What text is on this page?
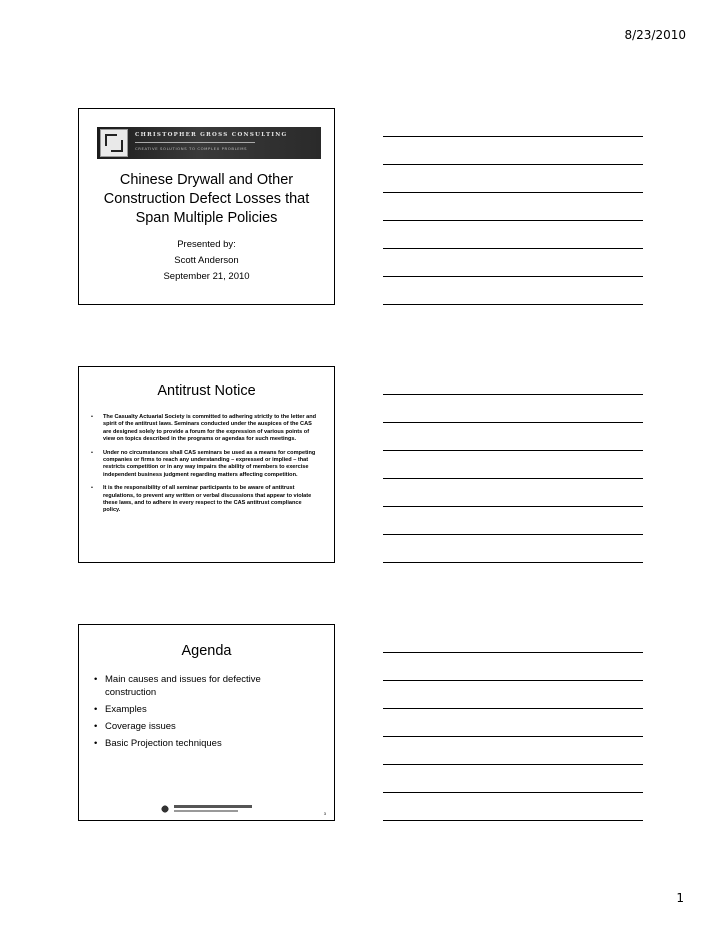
8/23/2010
CHRISTOPHER GROSS CONSULTING
CREATIVE SOLUTIONS TO COMPLEX PROBLEMS
Chinese Drywall and Other Construction Defect Losses that Span Multiple Policies
Presented by:
Scott Anderson
September 21, 2010
Antitrust Notice
• The Casualty Actuarial Society is committed to adhering strictly to the letter and spirit of the antitrust laws. Seminars conducted under the auspices of the CAS are designed solely to provide a forum for the expression of various points of view on topics described in the programs or agendas for such meetings.
• Under no circumstances shall CAS seminars be used as a means for competing companies or firms to reach any understanding – expressed or implied – that restricts competition or in any way impairs the ability of members to exercise independent business judgment regarding matters affecting competition.
• It is the responsibility of all seminar participants to be aware of antitrust regulations, to prevent any written or verbal discussions that appear to violate these laws, and to adhere in every respect to the CAS antitrust compliance policy.
Agenda
• Main causes and issues for defective construction
• Examples
• Coverage issues
• Basic Projection techniques
3
1
